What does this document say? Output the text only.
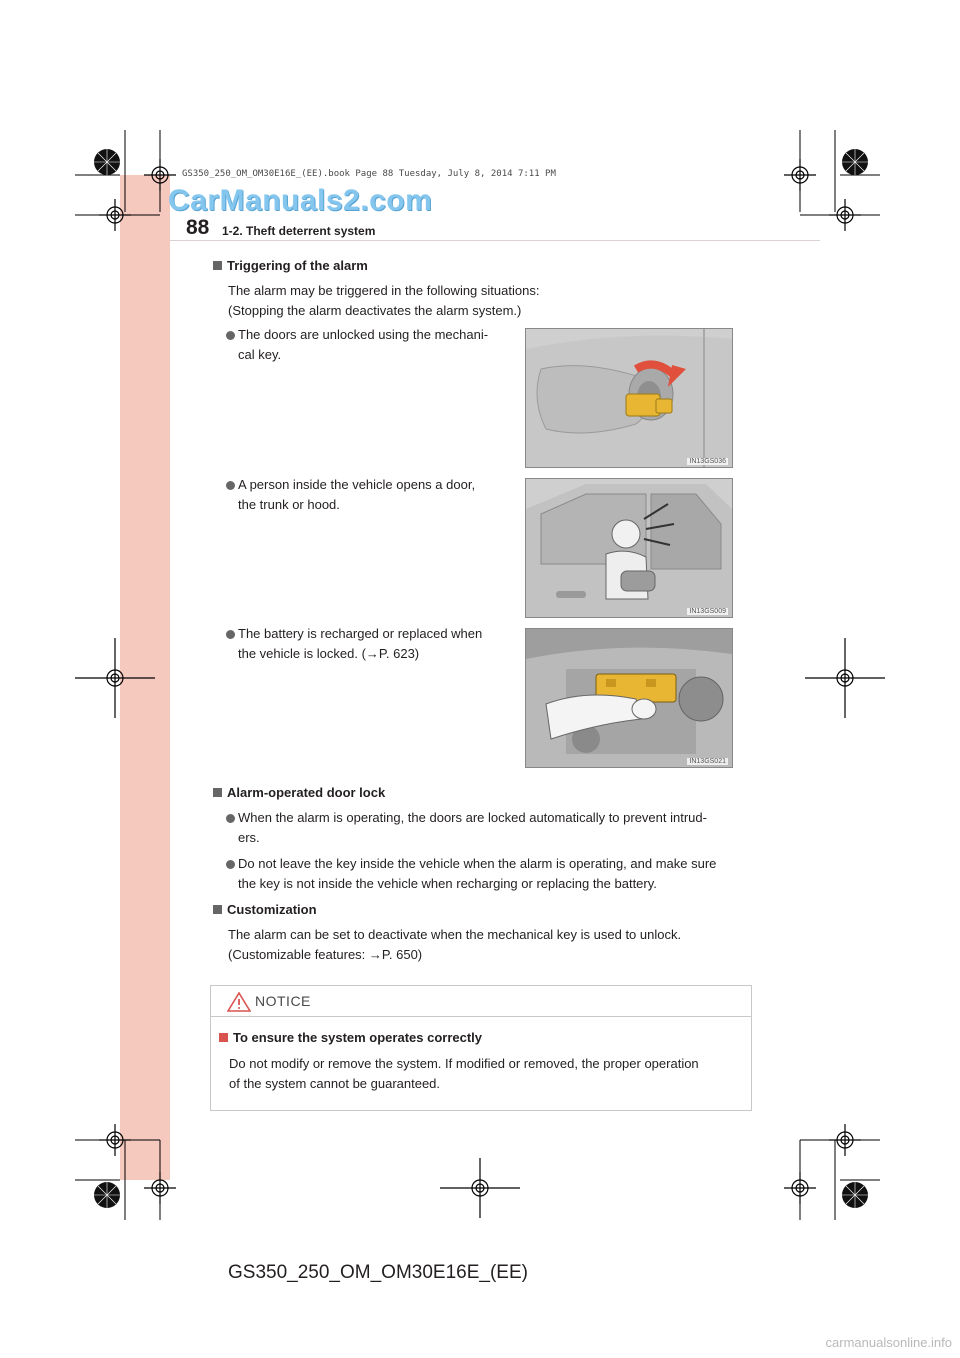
GS350_250_OM_OM30E16E_(EE).book Page 88 Tuesday, July 8, 2014 7:11 PM
CarManuals2.com
88 1-2. Theft deterrent system
Triggering of the alarm
The alarm may be triggered in the following situations:
(Stopping the alarm deactivates the alarm system.)
The doors are unlocked using the mechani-
cal key.
IN13GS036
A person inside the vehicle opens a door,
the trunk or hood.
IN13GS009
The battery is recharged or replaced when
the vehicle is locked. (→P. 623)
IN13GS021
Alarm-operated door lock
When the alarm is operating, the doors are locked automatically to prevent intrud-
ers.
Do not leave the key inside the vehicle when the alarm is operating, and make sure
the key is not inside the vehicle when recharging or replacing the battery.
Customization
The alarm can be set to deactivate when the mechanical key is used to unlock.
(Customizable features: →P. 650)
NOTICE
To ensure the system operates correctly
Do not modify or remove the system. If modified or removed, the proper operation
of the system cannot be guaranteed.
GS350_250_OM_OM30E16E_(EE)
carmanualsonline.info
